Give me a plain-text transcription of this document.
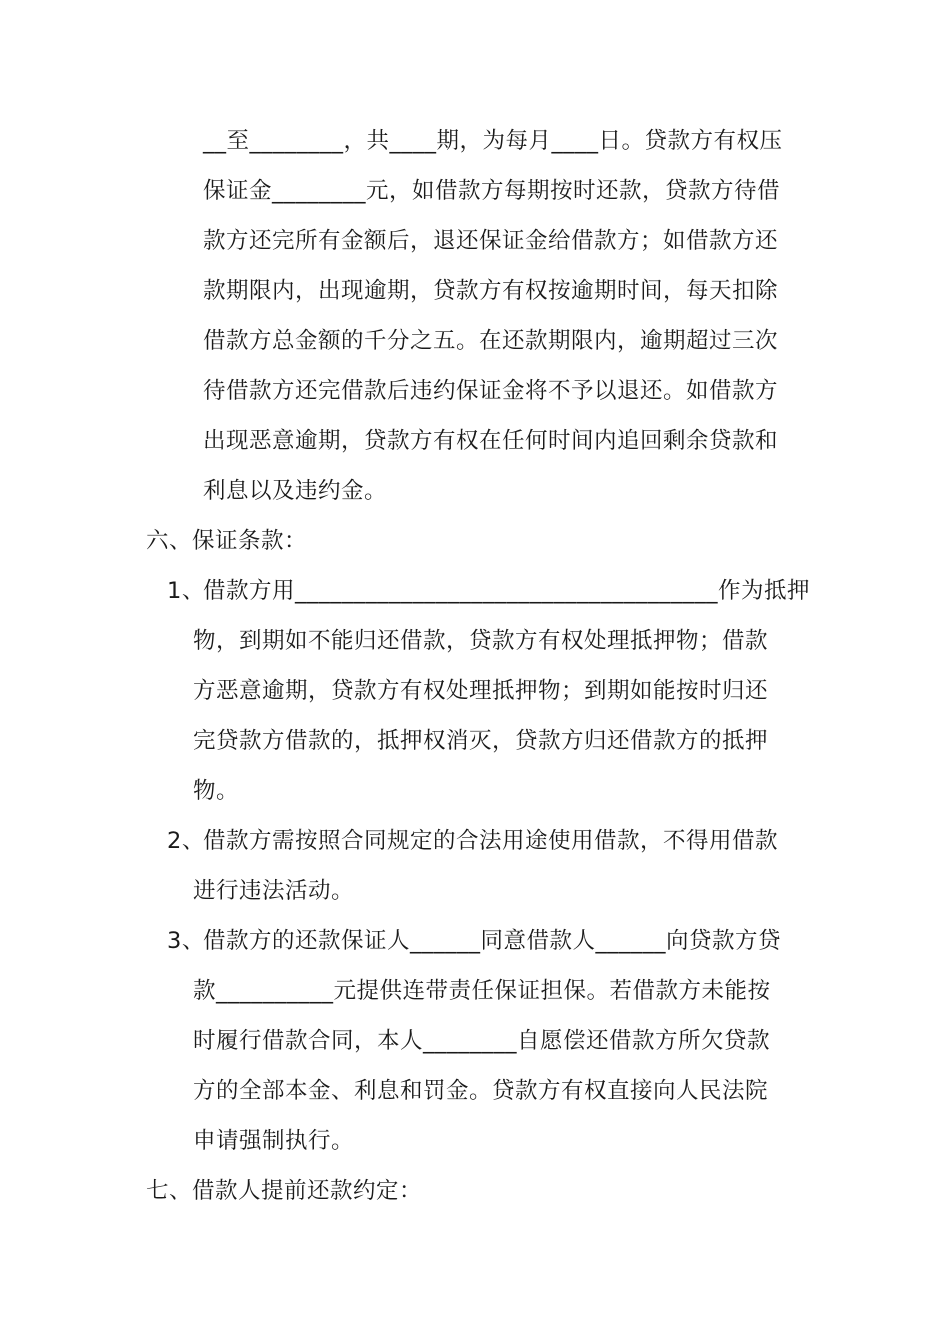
__至________，共____期，为每月____日。贷款方有权压
保证金________元，如借款方每期按时还款，贷款方待借
款方还完所有金额后，退还保证金给借款方；如借款方还
款期限内，出现逾期，贷款方有权按逾期时间，每天扣除
借款方总金额的千分之五。在还款期限内，逾期超过三次
待借款方还完借款后违约保证金将不予以退还。如借款方
出现恶意逾期，贷款方有权在任何时间内追回剩余贷款和
利息以及违约金。
六、保证条款：
1、
借款方用____________________________________作为抵押
物，到期如不能归还借款，贷款方有权处理抵押物；借款
方恶意逾期，贷款方有权处理抵押物；到期如能按时归还
完贷款方借款的，抵押权消灭，贷款方归还借款方的抵押
物。
2、
借款方需按照合同规定的合法用途使用借款，不得用借款
进行违法活动。
3、
借款方的还款保证人______同意借款人______向贷款方贷
款__________元提供连带责任保证担保。若借款方未能按
时履行借款合同，本人________自愿偿还借款方所欠贷款
方的全部本金、利息和罚金。贷款方有权直接向人民法院
申请强制执行。
七、借款人提前还款约定：
